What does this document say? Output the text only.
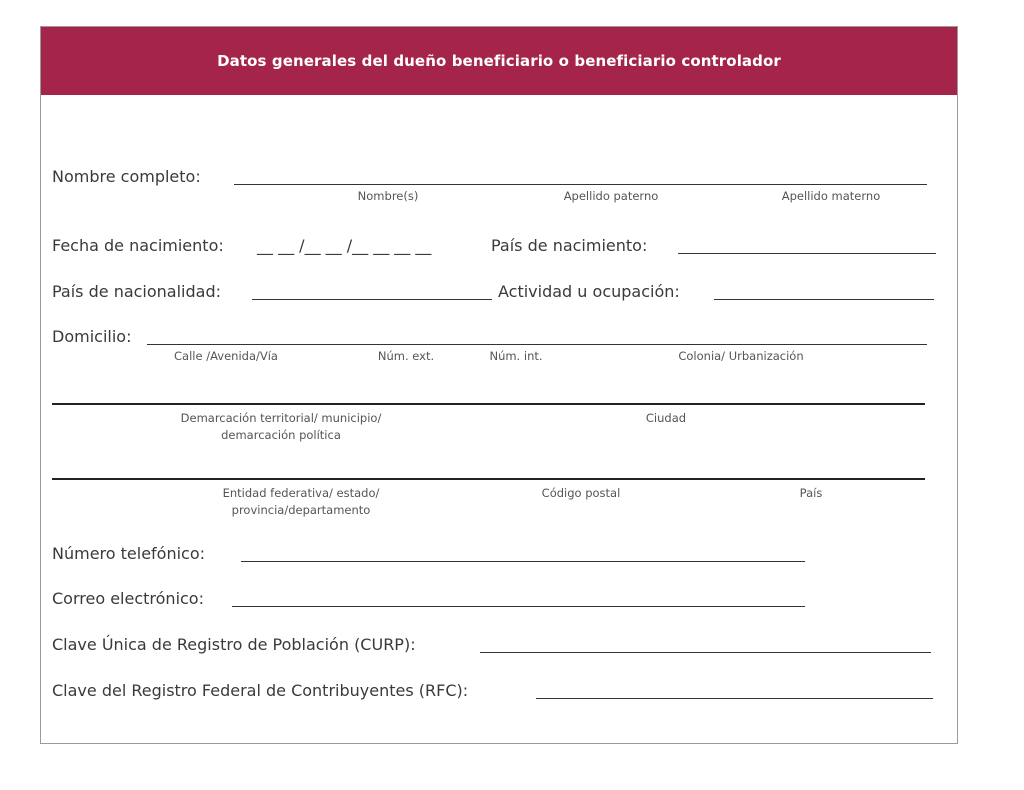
Datos generales del dueño beneficiario o beneficiario controlador
Nombre completo:
Nombre(s)	Apellido paterno	Apellido materno
Fecha de nacimiento: __ __ /__ __ /__ __ __ __	País de nacimiento:
País de nacionalidad:	Actividad u ocupación:
Domicilio:
Calle /Avenida/Vía	Núm. ext.	Núm. int.	Colonia/ Urbanización
Demarcación territorial/ municipio/
demarcación política
Ciudad
Entidad federativa/ estado/
provincia/departamento
Código postal	País
Número telefónico:
Correo electrónico:
Clave Única de Registro de Población (CURP):
Clave del Registro Federal de Contribuyentes (RFC):
